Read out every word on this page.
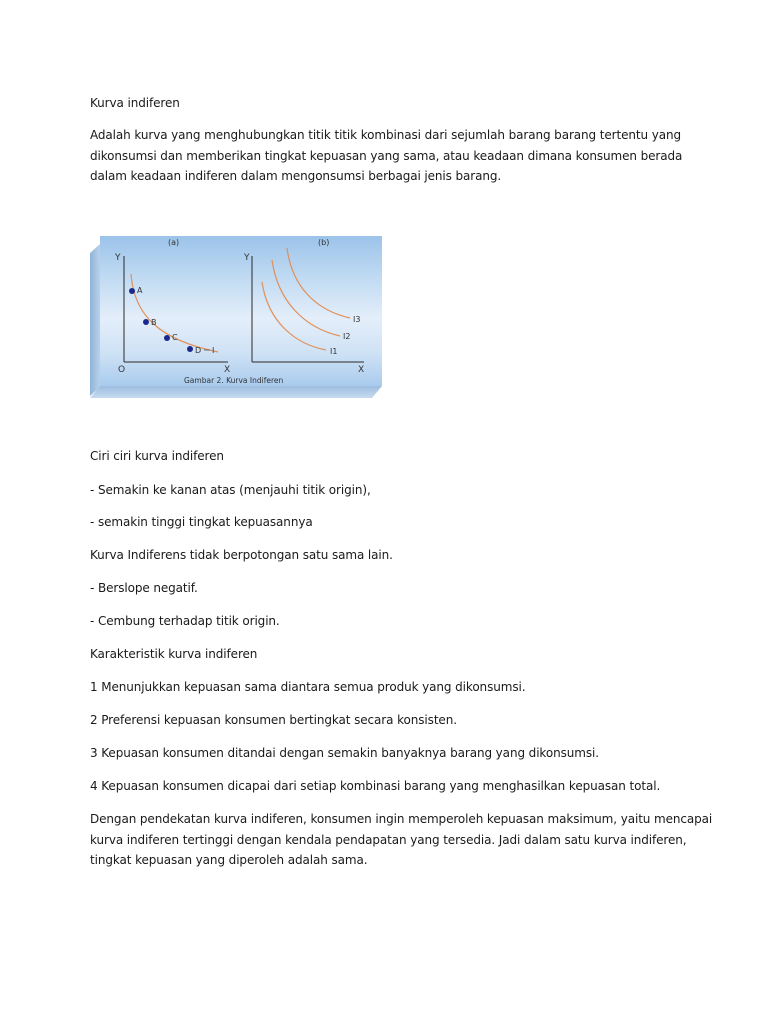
Kurva indiferen

Adalah kurva yang menghubungkan titik titik kombinasi dari sejumlah barang barang tertentu yang
dikonsumsi dan memberikan tingkat kepuasan yang sama, atau keadaan dimana konsumen berada
dalam keadaan indiferen dalam mengonsumsi berbagai jenis barang.
(a)	(b)
Y
X
O
A
B
C
D I
Y
X
I3
I2
I1
Gambar 2. Kurva Indiferen

Ciri ciri kurva indiferen

- Semakin ke kanan atas (menjauhi titik origin),

- semakin tinggi tingkat kepuasannya

Kurva Indiferens tidak berpotongan satu sama lain.

- Berslope negatif.

- Cembung terhadap titik origin.

Karakteristik kurva indiferen

1 Menunjukkan kepuasan sama diantara semua produk yang dikonsumsi.

2 Preferensi kepuasan konsumen bertingkat secara konsisten.

3 Kepuasan konsumen ditandai dengan semakin banyaknya barang yang dikonsumsi.

4 Kepuasan konsumen dicapai dari setiap kombinasi barang yang menghasilkan kepuasan total.

Dengan pendekatan kurva indiferen, konsumen ingin memperoleh kepuasan maksimum, yaitu mencapai
kurva indiferen tertinggi dengan kendala pendapatan yang tersedia. Jadi dalam satu kurva indiferen,
tingkat kepuasan yang diperoleh adalah sama.
